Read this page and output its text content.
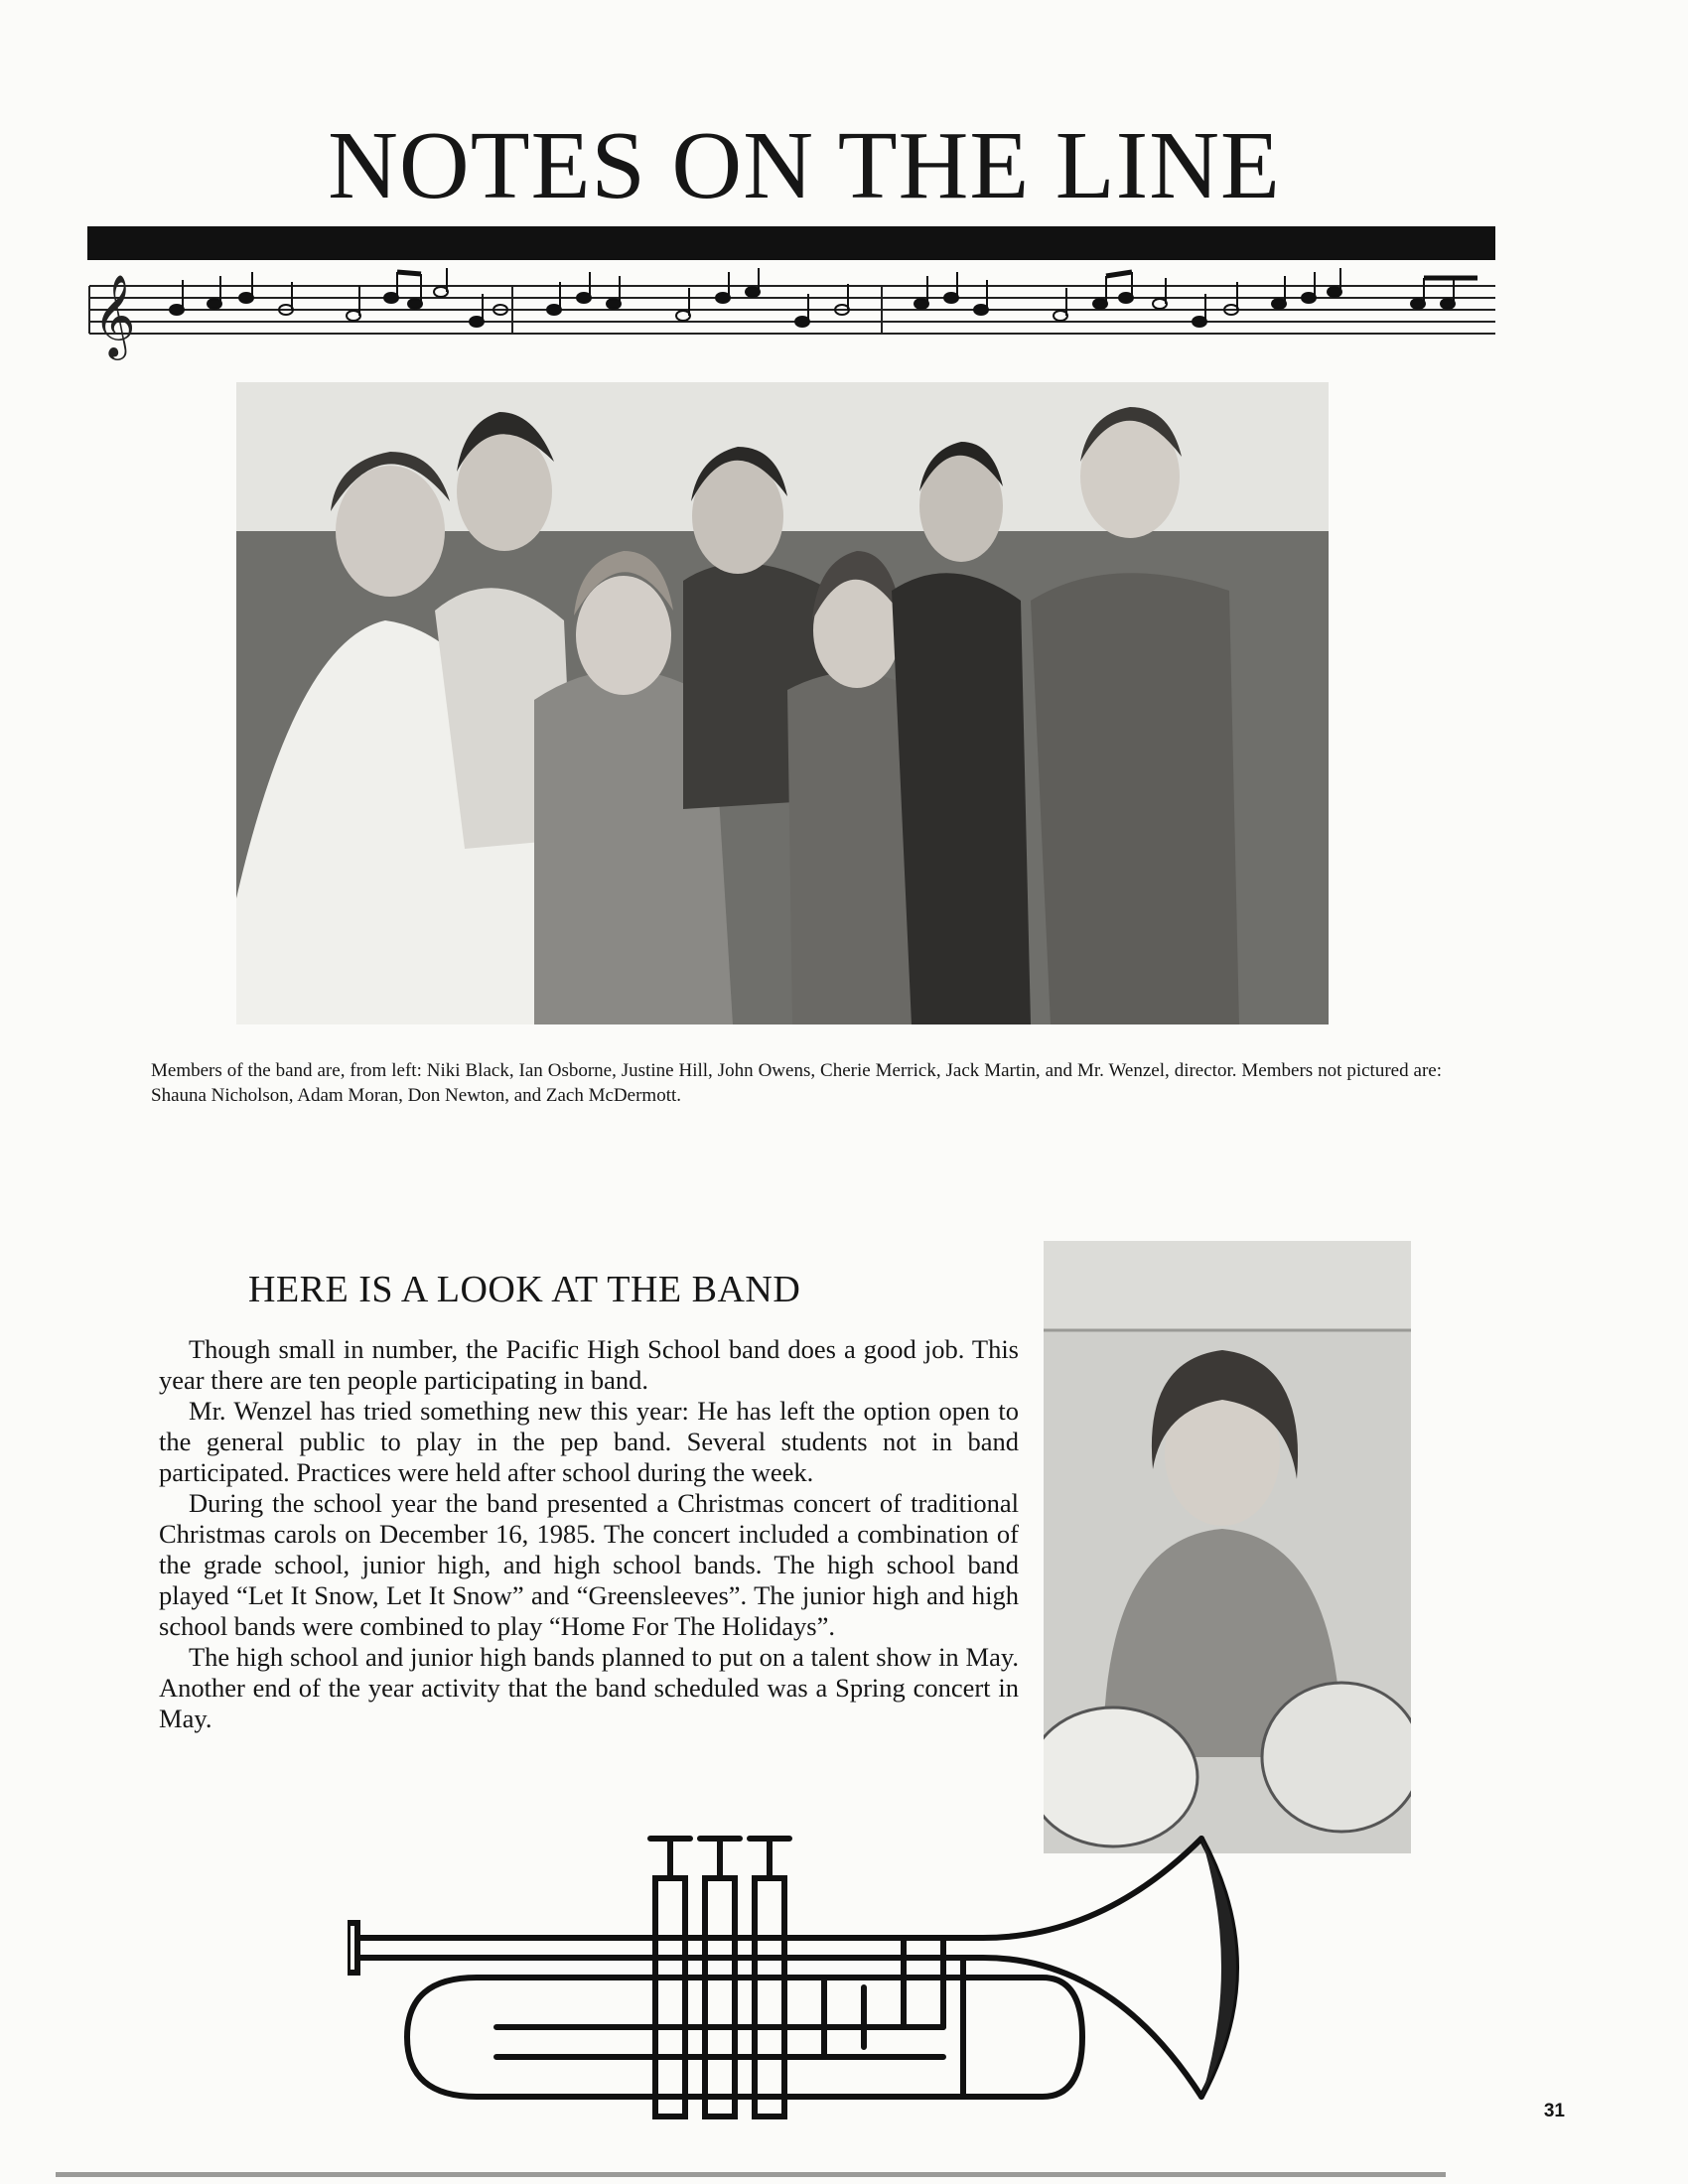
NOTES ON THE LINE
𝄞

Members of the band are, from left: Niki Black, Ian Osborne, Justine Hill, John Owens, Cherie Merrick, Jack Martin, and Mr. Wenzel, director. Members not pictured are: Shauna Nicholson, Adam Moran, Don Newton, and Zach McDermott.

HERE IS A LOOK AT THE BAND

Though small in number, the Pacific High School band does a good job. This year there are ten people participating in band.

Mr. Wenzel has tried something new this year: He has left the option open to the general public to play in the pep band. Several students not in band participated. Practices were held after school during the week.

During the school year the band presented a Christmas concert of traditional Christmas carols on December 16, 1985. The concert included a combination of the grade school, junior high, and high school bands. The high school band played “Let It Snow, Let It Snow” and “Greensleeves”. The junior high and high school bands were combined to play “Home For The Holidays”.

The high school and junior high bands planned to put on a talent show in May. Another end of the year activity that the band scheduled was a Spring concert in May.

31
